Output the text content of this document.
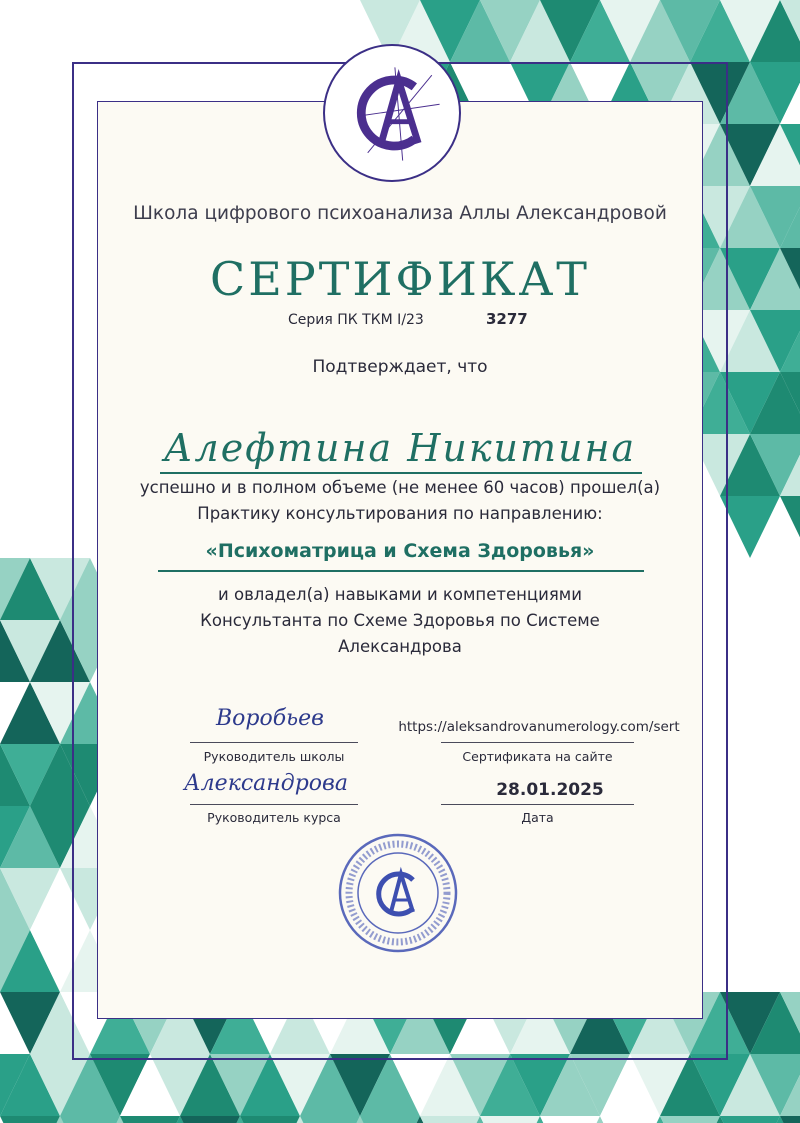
Школа цифрового психоанализа Аллы Александровой
СЕРТИФИКАТ
Серия ПК ТКМ I/23	3277
Подтверждает, что
Алефтина Никитина
успешно и в полном объеме (не менее 60 часов) прошел(а)
Практику консультирования по направлению:
«Психоматрица и Схема Здоровья»
и овладел(а) навыками и компетенциями
Консультанта по Схеме Здоровья по Системе
Александрова
Воробьев
Руководитель школы
Александрова
Руководитель курса
https://aleksandrovanumerology.com/sert
Сертификата на сайте
28.01.2025
Дата
